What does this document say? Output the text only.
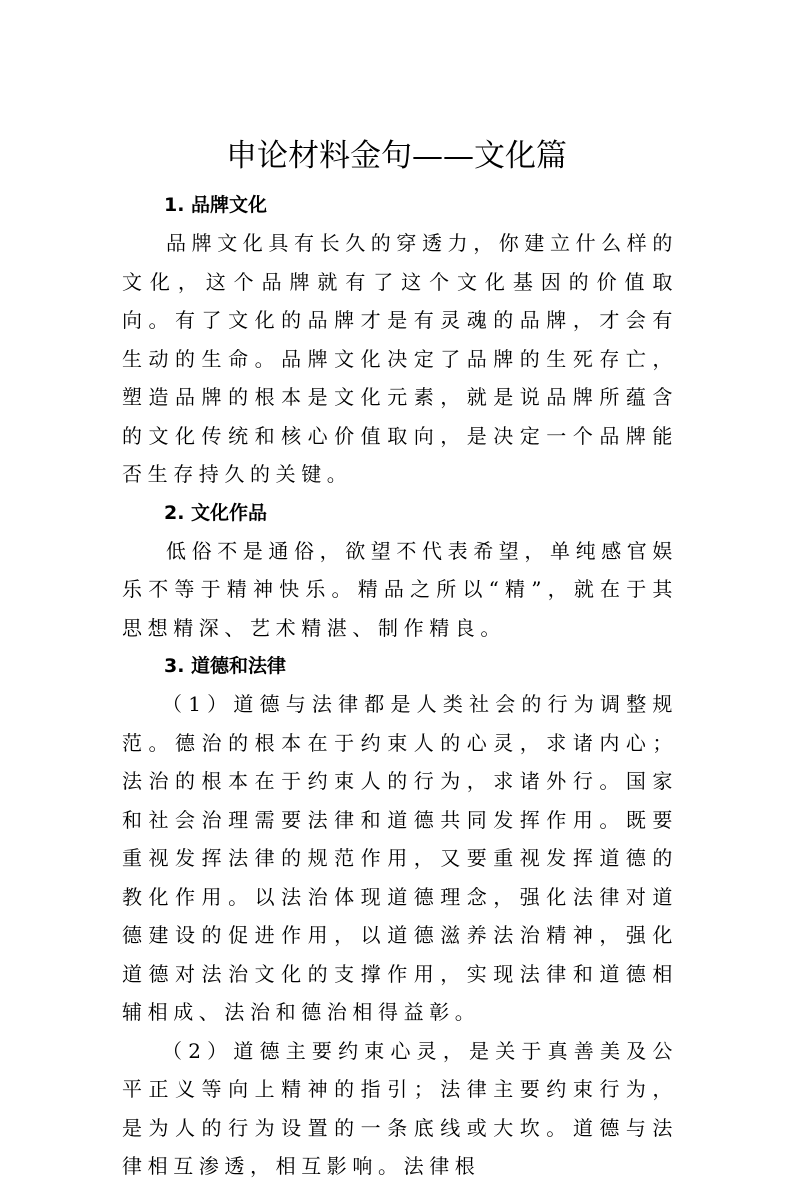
申论材料金句——文化篇
1. 品牌文化

品牌文化具有长久的穿透力，你建立什么样的文化，这个品牌就有了这个文化基因的价值取向。有了文化的品牌才是有灵魂的品牌，才会有生动的生命。品牌文化决定了品牌的生死存亡，塑造品牌的根本是文化元素，就是说品牌所蕴含的文化传统和核心价值取向，是决定一个品牌能否生存持久的关键。

2. 文化作品

低俗不是通俗，欲望不代表希望，单纯感官娱乐不等于精神快乐。精品之所以“精”，就在于其思想精深、艺术精湛、制作精良。

3. 道德和法律

（1）道德与法律都是人类社会的行为调整规范。德治的根本在于约束人的心灵，求诸内心；法治的根本在于约束人的行为，求诸外行。国家和社会治理需要法律和道德共同发挥作用。既要重视发挥法律的规范作用，又要重视发挥道德的教化作用。以法治体现道德理念，强化法律对道德建设的促进作用，以道德滋养法治精神，强化道德对法治文化的支撑作用，实现法律和道德相辅相成、法治和德治相得益彰。

（2）道德主要约束心灵，是关于真善美及公平正义等向上精神的指引；法律主要约束行为，是为人的行为设置的一条底线或大坎。道德与法律相互渗透，相互影响。法律根
